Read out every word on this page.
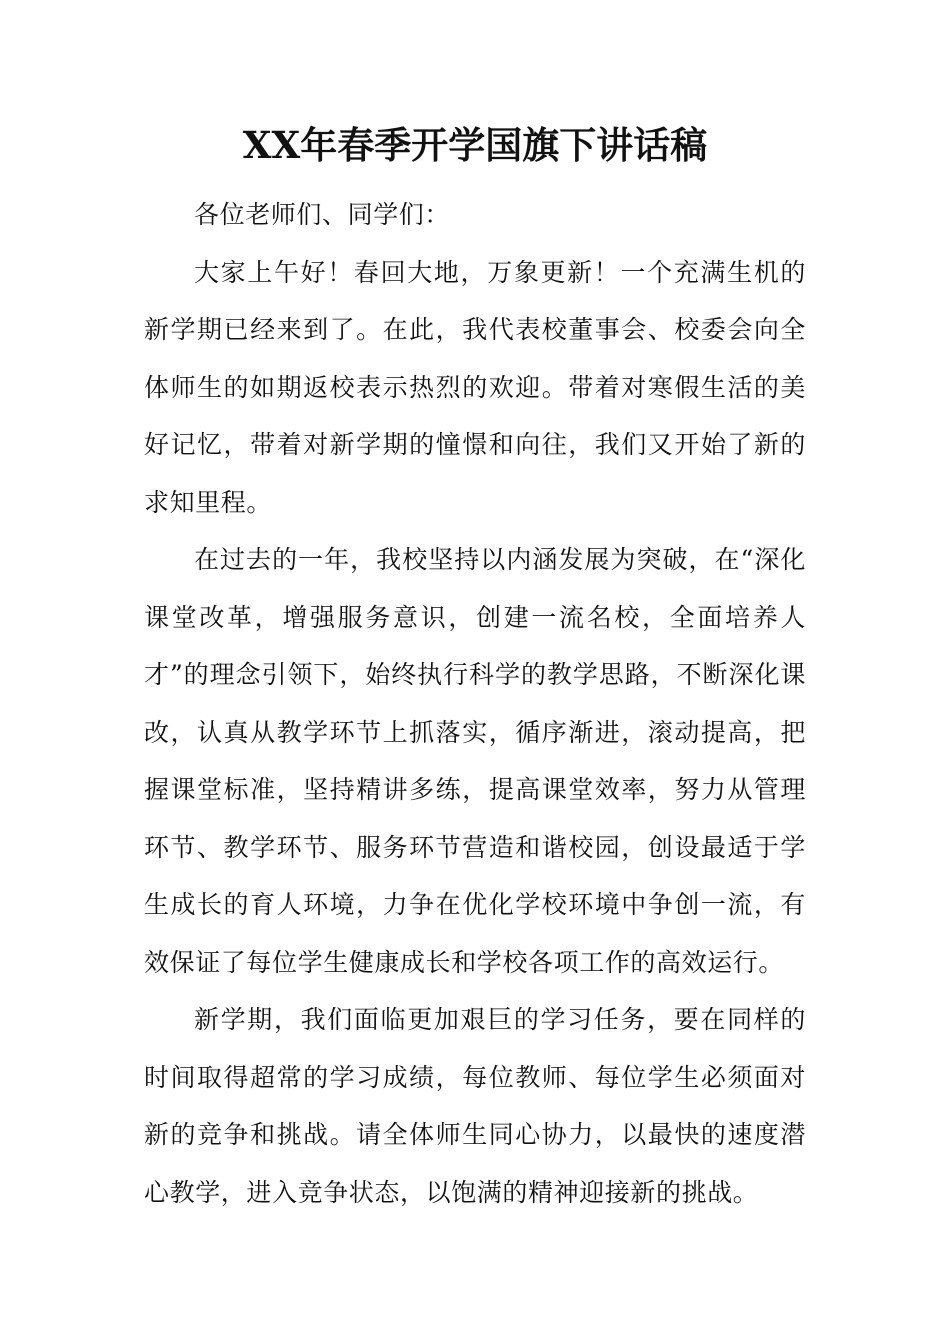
XX年春季开学国旗下讲话稿

各位老师们、同学们：

大家上午好！春回大地，万象更新！一个充满生机的新学期已经来到了。在此，我代表校董事会、校委会向全体师生的如期返校表示热烈的欢迎。带着对寒假生活的美好记忆，带着对新学期的憧憬和向往，我们又开始了新的求知里程。

在过去的一年，我校坚持以内涵发展为突破，在“深化课堂改革，增强服务意识，创建一流名校，全面培养人才”的理念引领下，始终执行科学的教学思路，不断深化课改，认真从教学环节上抓落实，循序渐进，滚动提高，把握课堂标准，坚持精讲多练，提高课堂效率，努力从管理环节、教学环节、服务环节营造和谐校园，创设最适于学生成长的育人环境，力争在优化学校环境中争创一流，有效保证了每位学生健康成长和学校各项工作的高效运行。

新学期，我们面临更加艰巨的学习任务，要在同样的时间取得超常的学习成绩，每位教师、每位学生必须面对新的竞争和挑战。请全体师生同心协力，以最快的速度潜心教学，进入竞争状态，以饱满的精神迎接新的挑战。
